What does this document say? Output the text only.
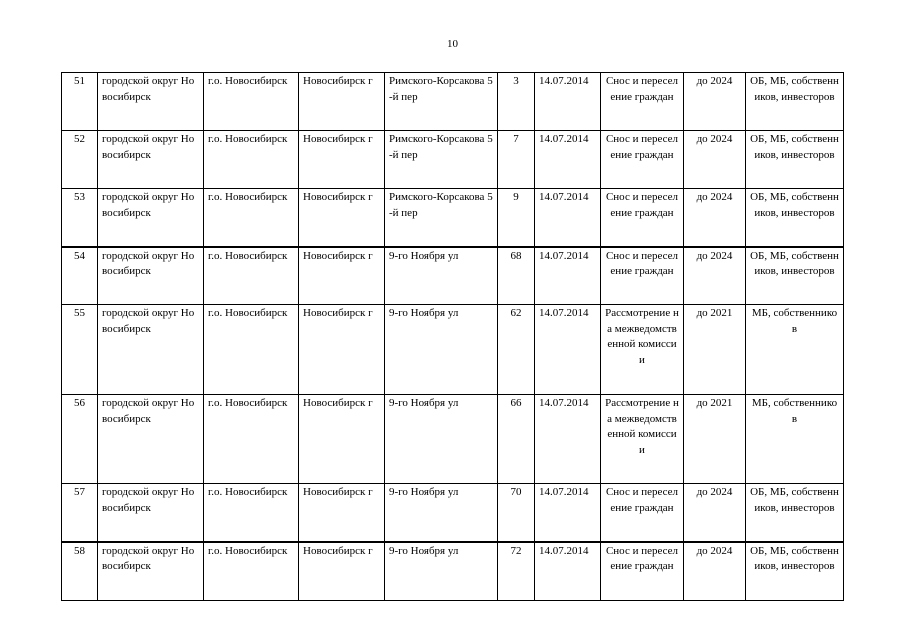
10
51	городской округ Новосибирск	г.о. Новосибирск	Новосибирск г	Римского-Корсакова 5-й пер	3	14.07.2014	Снос и переселение граждан	до 2024	ОБ, МБ, собственников, инвесторов
52	городской округ Новосибирск	г.о. Новосибирск	Новосибирск г	Римского-Корсакова 5-й пер	7	14.07.2014	Снос и переселение граждан	до 2024	ОБ, МБ, собственников, инвесторов
53	городской округ Новосибирск	г.о. Новосибирск	Новосибирск г	Римского-Корсакова 5-й пер	9	14.07.2014	Снос и переселение граждан	до 2024	ОБ, МБ, собственников, инвесторов
54	городской округ Новосибирск	г.о. Новосибирск	Новосибирск г	9-го Ноября ул	68	14.07.2014	Снос и переселение граждан	до 2024	ОБ, МБ, собственников, инвесторов
55	городской округ Новосибирск	г.о. Новосибирск	Новосибирск г	9-го Ноября ул	62	14.07.2014	Рассмотрение на межведомственной комиссии	до 2021	МБ, собственников
56	городской округ Новосибирск	г.о. Новосибирск	Новосибирск г	9-го Ноября ул	66	14.07.2014	Рассмотрение на межведомственной комиссии	до 2021	МБ, собственников
57	городской округ Новосибирск	г.о. Новосибирск	Новосибирск г	9-го Ноября ул	70	14.07.2014	Снос и переселение граждан	до 2024	ОБ, МБ, собственников, инвесторов
58	городской округ Новосибирск	г.о. Новосибирск	Новосибирск г	9-го Ноября ул	72	14.07.2014	Снос и переселение граждан	до 2024	ОБ, МБ, собственников, инвесторов
